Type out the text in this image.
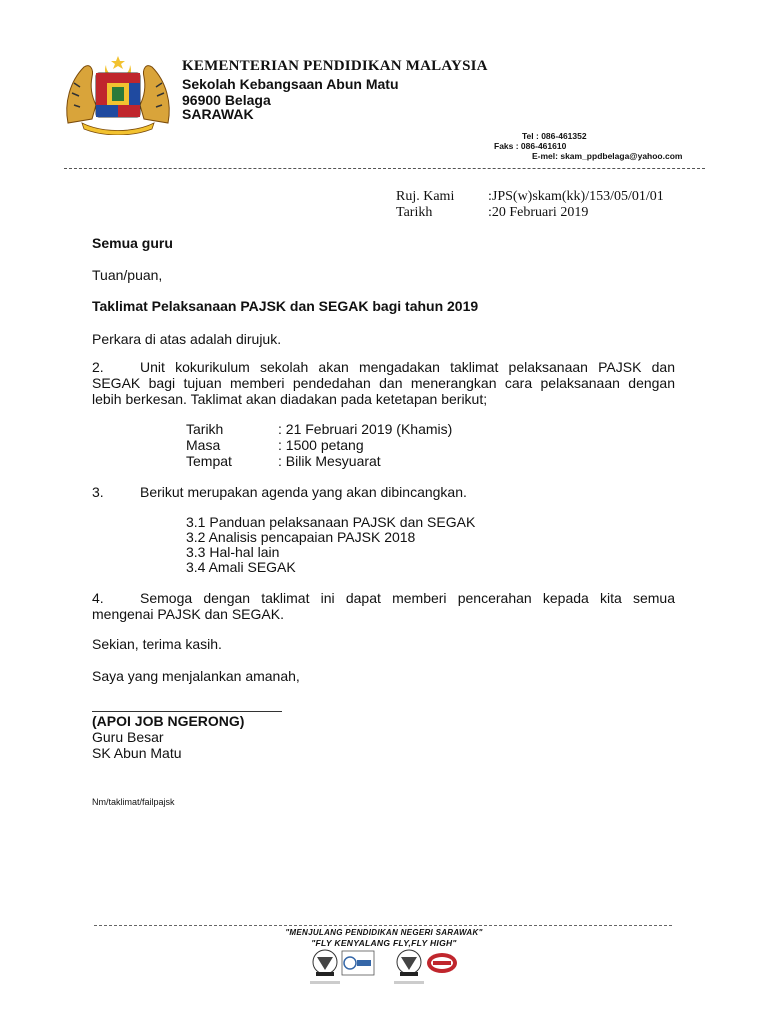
KEMENTERIAN PENDIDIKAN MALAYSIA
Sekolah Kebangsaan Abun Matu
96900 Belaga
SARAWAK
Tel : 086-461352
Faks : 086-461610
E-mel: skam_ppdbelaga@yahoo.com
Ruj. Kami :JPS(w)skam(kk)/153/05/01/01
Tarikh	:20 Februari 2019
Semua guru
Tuan/puan,
Taklimat Pelaksanaan PAJSK dan SEGAK bagi tahun 2019
Perkara di atas adalah dirujuk.
2.	Unit kokurikulum sekolah akan mengadakan taklimat pelaksanaan PAJSK dan
SEGAK bagi tujuan memberi pendedahan dan menerangkan cara pelaksanaan dengan
lebih berkesan. Taklimat akan diadakan pada ketetapan berikut;
Tarikh	: 21 Februari 2019 (Khamis)
Masa	: 1500 petang
Tempat	: Bilik Mesyuarat
3.	Berikut merupakan agenda yang akan dibincangkan.
3.1 Panduan pelaksanaan PAJSK dan SEGAK
3.2 Analisis pencapaian PAJSK 2018
3.3 Hal-hal lain
3.4 Amali SEGAK
4.	Semoga dengan taklimat ini dapat memberi pencerahan kepada kita semua
mengenai PAJSK dan SEGAK.
Sekian, terima kasih.
Saya yang menjalankan amanah,
(APOI JOB NGERONG)
Guru Besar
SK Abun Matu
Nm/taklimat/failpajsk
"MENJULANG PENDIDIKAN NEGERI SARAWAK"
"FLY KENYALANG FLY,FLY HIGH"
